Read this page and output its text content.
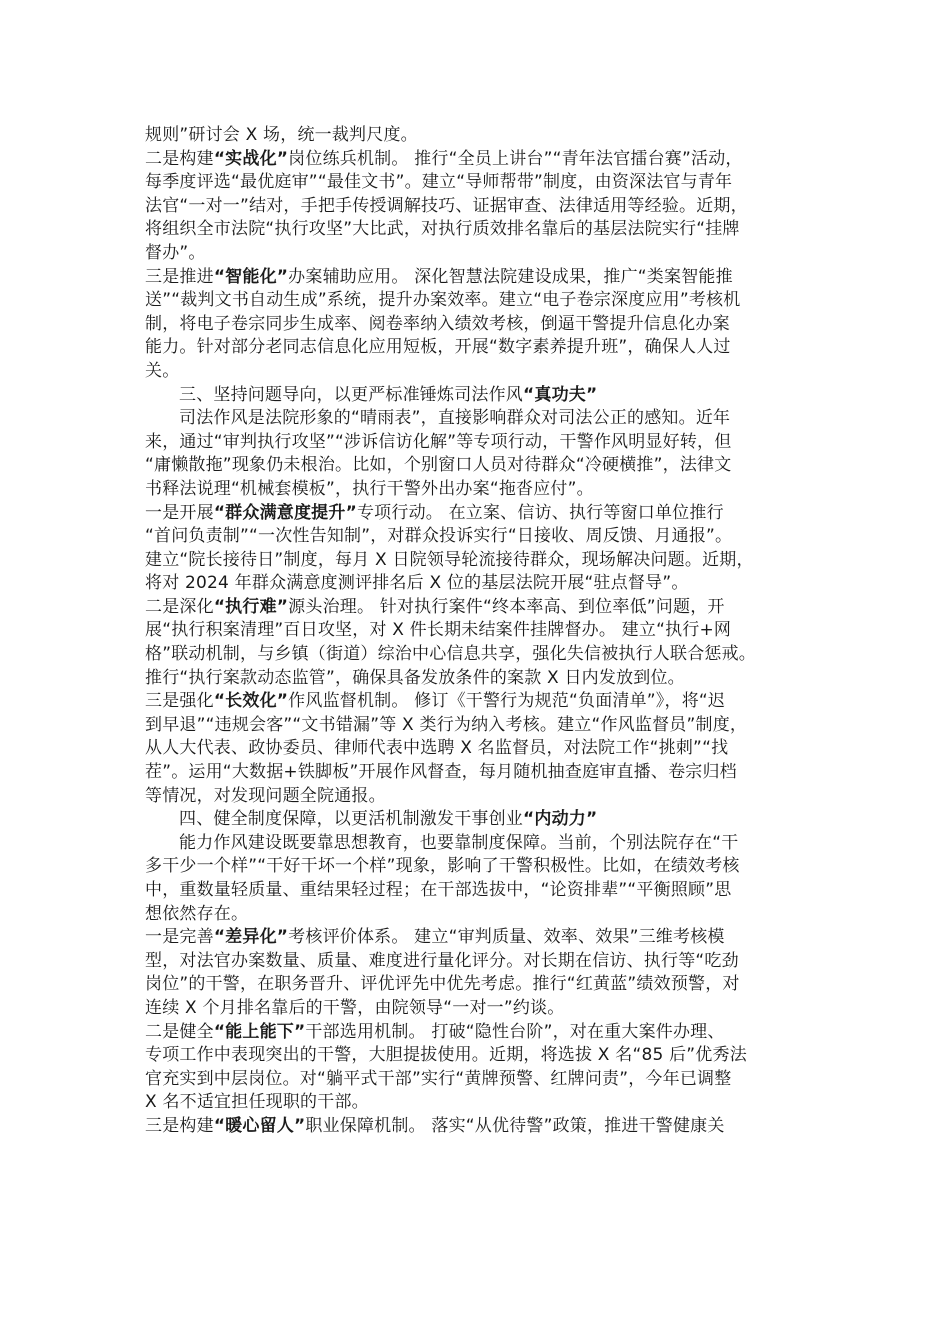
规则”研讨会 X 场，统一裁判尺度。
二是构建“实战化”岗位练兵机制。 推行“全员上讲台”“青年法官擂台赛”活动，
每季度评选“最优庭审”“最佳文书”。建立“导师帮带”制度，由资深法官与青年
法官“一对一”结对，手把手传授调解技巧、证据审查、法律适用等经验。近期，
将组织全市法院“执行攻坚”大比武，对执行质效排名靠后的基层法院实行“挂牌
督办”。
三是推进“智能化”办案辅助应用。 深化智慧法院建设成果，推广“类案智能推
送”“裁判文书自动生成”系统，提升办案效率。建立“电子卷宗深度应用”考核机
制，将电子卷宗同步生成率、阅卷率纳入绩效考核，倒逼干警提升信息化办案
能力。针对部分老同志信息化应用短板，开展“数字素养提升班”，确保人人过
关。
三、坚持问题导向，以更严标准锤炼司法作风“真功夫”
司法作风是法院形象的“晴雨表”，直接影响群众对司法公正的感知。近年
来，通过“审判执行攻坚”“涉诉信访化解”等专项行动，干警作风明显好转，但
“庸懒散拖”现象仍未根治。比如，个别窗口人员对待群众“冷硬横推”，法律文
书释法说理“机械套模板”，执行干警外出办案“拖沓应付”。
一是开展“群众满意度提升”专项行动。 在立案、信访、执行等窗口单位推行
“首问负责制”“一次性告知制”，对群众投诉实行“日接收、周反馈、月通报”。
建立“院长接待日”制度，每月 X 日院领导轮流接待群众，现场解决问题。近期，
将对 2024 年群众满意度测评排名后 X 位的基层法院开展“驻点督导”。
二是深化“执行难”源头治理。 针对执行案件“终本率高、到位率低”问题，开
展“执行积案清理”百日攻坚，对 X 件长期未结案件挂牌督办。 建立“执行+网
格”联动机制，与乡镇（街道）综治中心信息共享，强化失信被执行人联合惩戒。
推行“执行案款动态监管”，确保具备发放条件的案款 X 日内发放到位。
三是强化“长效化”作风监督机制。 修订《干警行为规范“负面清单”》，将“迟
到早退”“违规会客”“文书错漏”等 X 类行为纳入考核。建立“作风监督员”制度，
从人大代表、政协委员、律师代表中选聘 X 名监督员，对法院工作“挑刺”“找
茬”。运用“大数据+铁脚板”开展作风督查，每月随机抽查庭审直播、卷宗归档
等情况，对发现问题全院通报。
四、健全制度保障，以更活机制激发干事创业“内动力”
能力作风建设既要靠思想教育，也要靠制度保障。当前，个别法院存在“干
多干少一个样”“干好干坏一个样”现象，影响了干警积极性。比如，在绩效考核
中，重数量轻质量、重结果轻过程；在干部选拔中，“论资排辈”“平衡照顾”思
想依然存在。
一是完善“差异化”考核评价体系。 建立“审判质量、效率、效果”三维考核模
型，对法官办案数量、质量、难度进行量化评分。对长期在信访、执行等“吃劲
岗位”的干警，在职务晋升、评优评先中优先考虑。推行“红黄蓝”绩效预警，对
连续 X 个月排名靠后的干警，由院领导“一对一”约谈。
二是健全“能上能下”干部选用机制。 打破“隐性台阶”，对在重大案件办理、
专项工作中表现突出的干警，大胆提拔使用。近期，将选拔 X 名“85 后”优秀法
官充实到中层岗位。对“躺平式干部”实行“黄牌预警、红牌问责”，今年已调整
X 名不适宜担任现职的干部。
三是构建“暖心留人”职业保障机制。 落实“从优待警”政策，推进干警健康关
